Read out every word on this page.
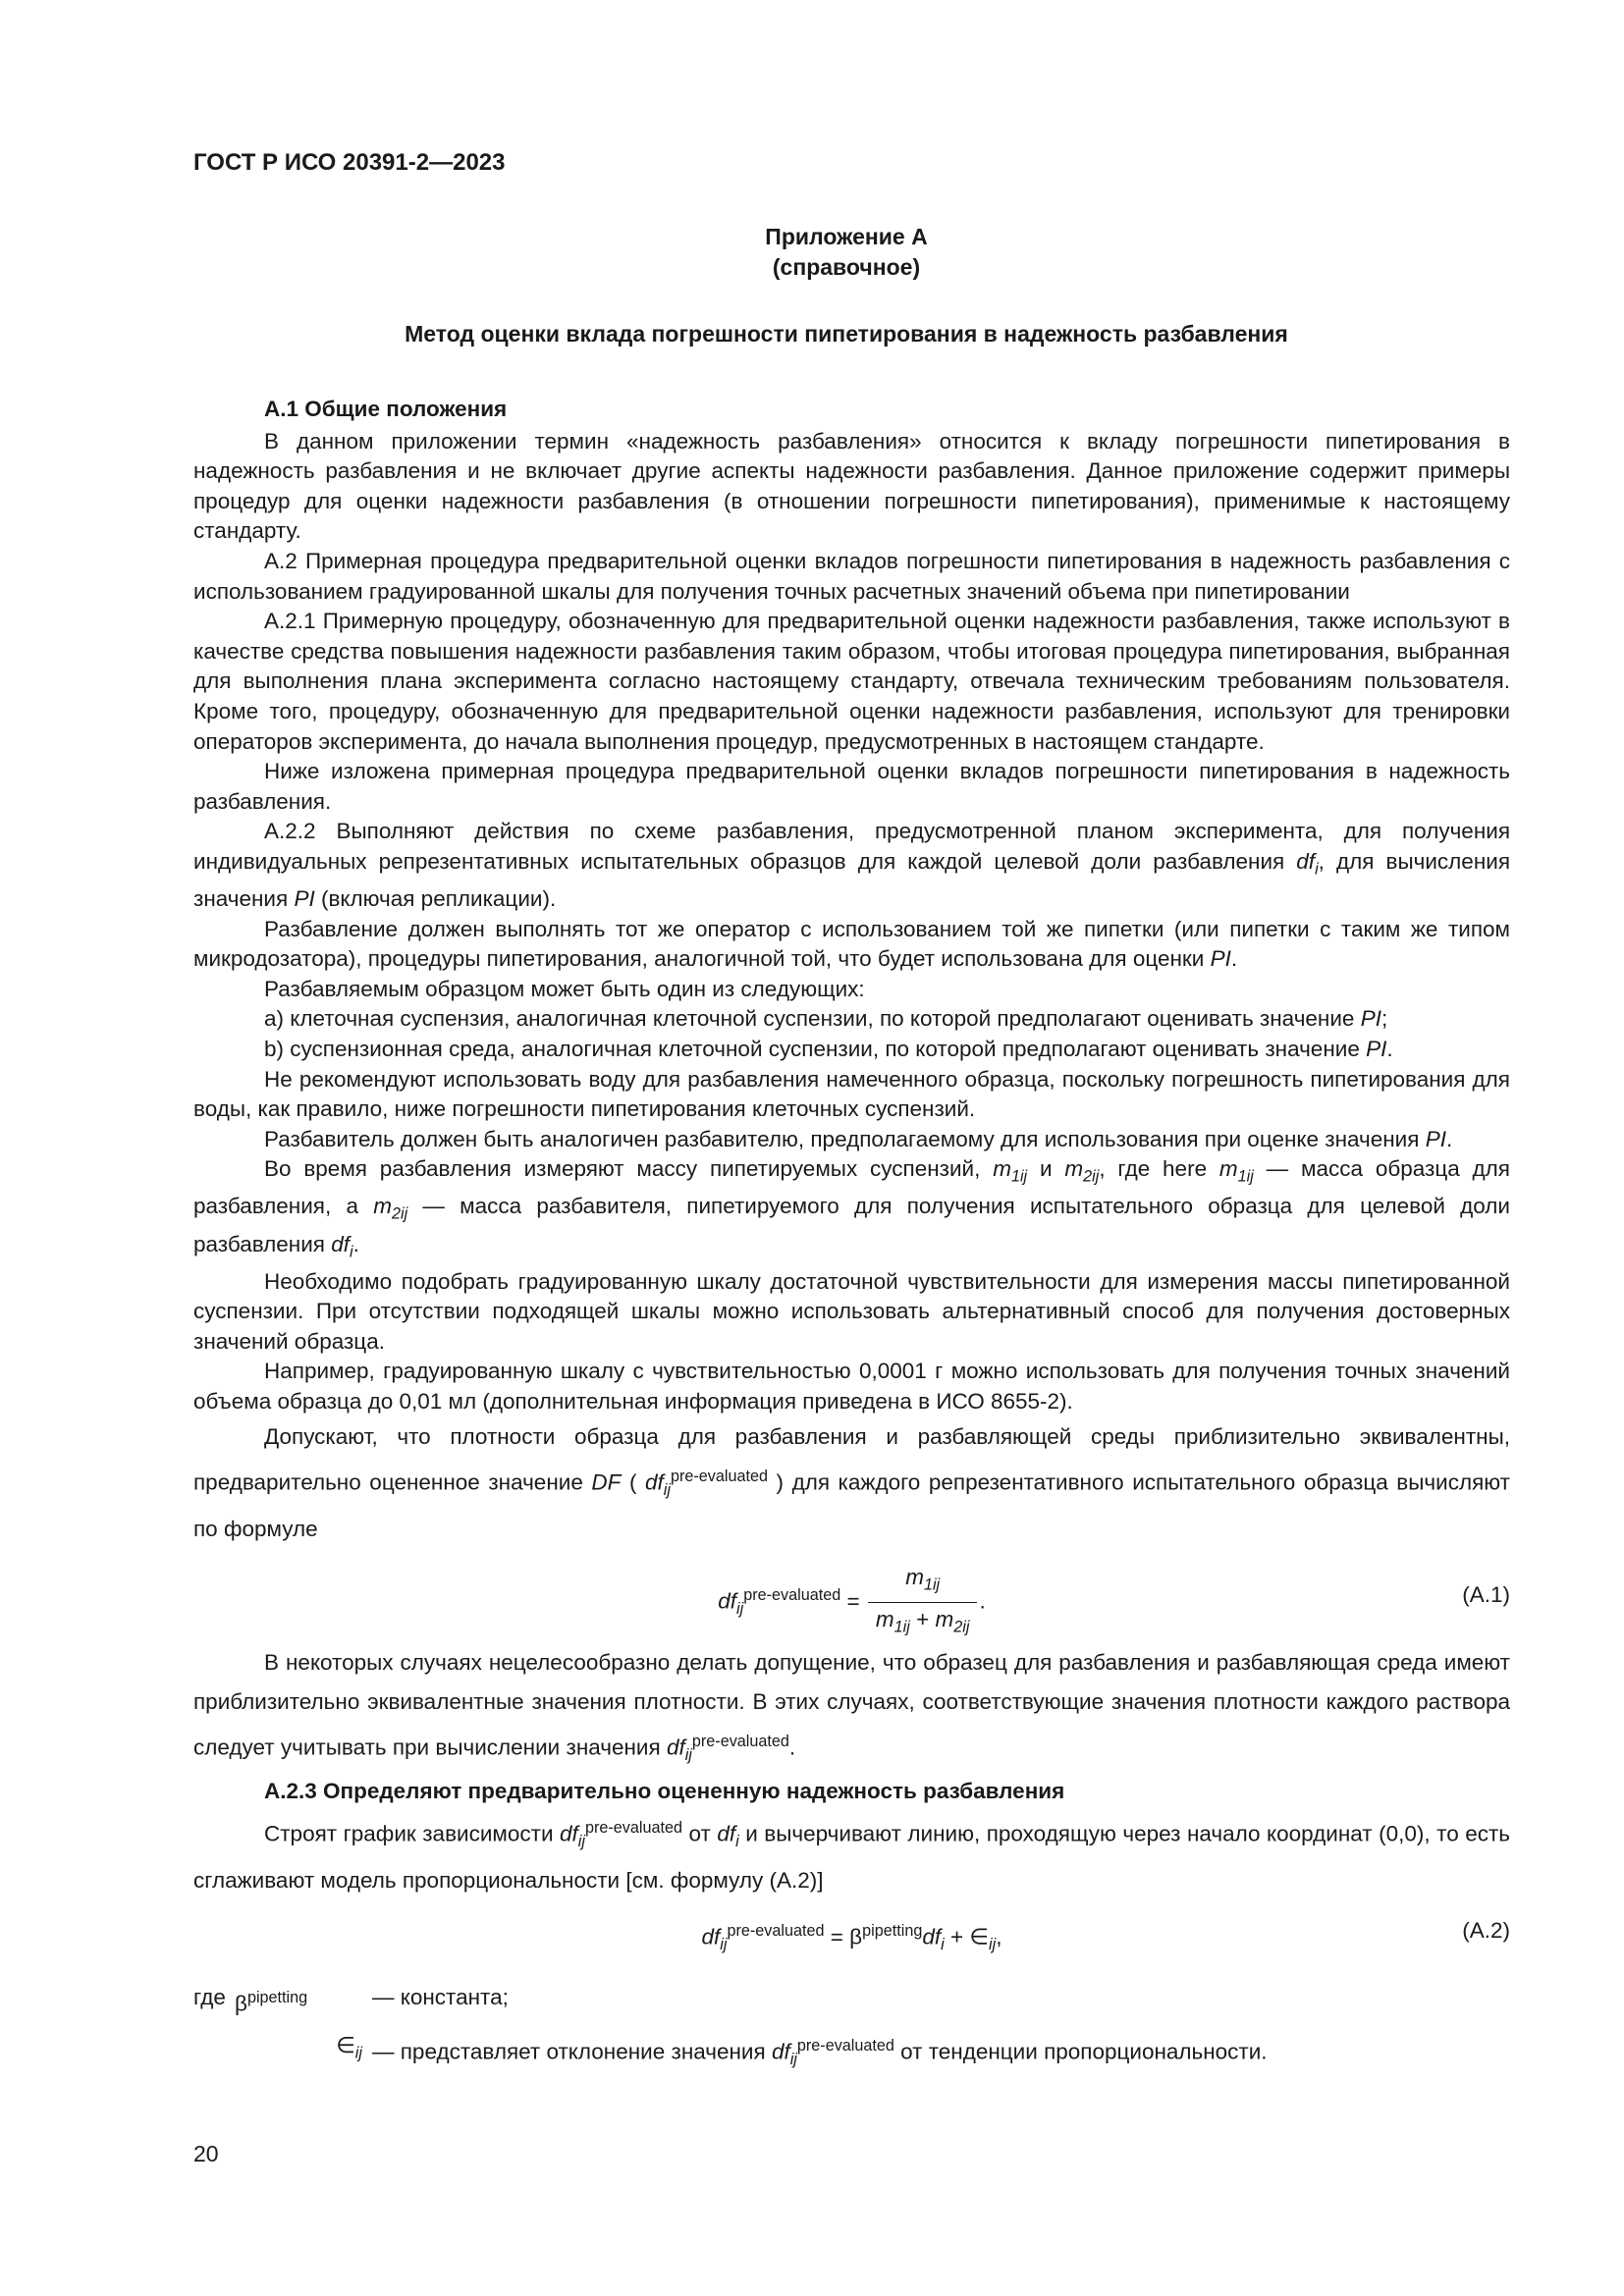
ГОСТ Р ИСО 20391-2—2023
Приложение А
(справочное)
Метод оценки вклада погрешности пипетирования в надежность разбавления

А.1 Общие положения

В данном приложении термин «надежность разбавления» относится к вкладу погрешности пипетирования в надежность разбавления и не включает другие аспекты надежности разбавления. Данное приложение содержит примеры процедур для оценки надежности разбавления (в отношении погрешности пипетирования), применимые к настоящему стандарту.

А.2 Примерная процедура предварительной оценки вкладов погрешности пипетирования в надежность разбавления с использованием градуированной шкалы для получения точных расчетных значений объема при пипетировании

А.2.1 Примерную процедуру, обозначенную для предварительной оценки надежности разбавления, также используют в качестве средства повышения надежности разбавления таким образом, чтобы итоговая процедура пипетирования, выбранная для выполнения плана эксперимента согласно настоящему стандарту, отвечала техническим требованиям пользователя. Кроме того, процедуру, обозначенную для предварительной оценки надежности разбавления, используют для тренировки операторов эксперимента, до начала выполнения процедур, предусмотренных в настоящем стандарте.

Ниже изложена примерная процедура предварительной оценки вкладов погрешности пипетирования в надежность разбавления.

А.2.2 Выполняют действия по схеме разбавления, предусмотренной планом эксперимента, для получения индивидуальных репрезентативных испытательных образцов для каждой целевой доли разбавления $df_i$, для вычисления значения PI (включая репликации).

Разбавление должен выполнять тот же оператор с использованием той же пипетки (или пипетки с таким же типом микродозатора), процедуры пипетирования, аналогичной той, что будет использована для оценки PI.

Разбавляемым образцом может быть один из следующих:

a) клеточная суспензия, аналогичная клеточной суспензии, по которой предполагают оценивать значение PI;

b) суспензионная среда, аналогичная клеточной суспензии, по которой предполагают оценивать значение PI.

Не рекомендуют использовать воду для разбавления намеченного образца, поскольку погрешность пипетирования для воды, как правило, ниже погрешности пипетирования клеточных суспензий.

Разбавитель должен быть аналогичен разбавителю, предполагаемому для использования при оценке значения PI.

Во время разбавления измеряют массу пипетируемых суспензий, $m_{1ij}$ и $m_{2ij}$, где here $m_{1ij}$ — масса образца для разбавления, а $m_{2ij}$ — масса разбавителя, пипетируемого для получения испытательного образца для целевой доли разбавления $df_i$.

Необходимо подобрать градуированную шкалу достаточной чувствительности для измерения массы пипетированной суспензии. При отсутствии подходящей шкалы можно использовать альтернативный способ для получения достоверных значений образца.

Например, градуированную шкалу с чувствительностью 0,0001 г можно использовать для получения точных значений объема образца до 0,01 мл (дополнительная информация приведена в ИСО 8655-2).

Допускают, что плотности образца для разбавления и разбавляющей среды приблизительно эквивалентны, предварительно оцененное значение DF ( $df_{ij}^{pre-evaluated}$ ) для каждого репрезентативного испытательного образца вычисляют по формуле

$df_{ij}^{pre-evaluated} = \frac{m_{1ij}}{m_{1ij} + m_{2ij}}$ .	(А.1)

В некоторых случаях нецелесообразно делать допущение, что образец для разбавления и разбавляющая среда имеют приблизительно эквивалентные значения плотности. В этих случаях, соответствующие значения плотности каждого раствора следует учитывать при вычислении значения $df_{ij}^{pre-evaluated}$.

А.2.3 Определяют предварительно оцененную надежность разбавления

Строят график зависимости $df_{ij}^{pre-evaluated}$ от $df_i$ и вычерчивают линию, проходящую через начало координат (0,0), то есть сглаживают модель пропорциональности [см. формулу (А.2)]

$df_{ij}^{pre-evaluated} = \beta^{pipetting}df_i$ + $\in_{ij}$,	(А.2)
где	$\beta^{pipetting}$	— константа;
	$\in_{ij}$	— представляет отклонение значения $df_{ij}^{pre-evaluated}$ от тенденции пропорциональности.
20
